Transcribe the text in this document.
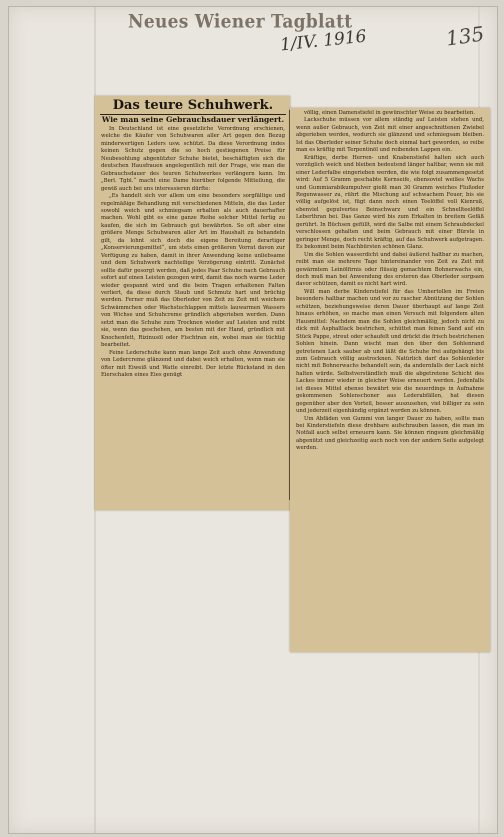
Neues Wiener Tagblatt
1/IV. 1916	135
Das teure Schuhwerk.
Wie man seine Gebrauchsdauer verlängert.

In Deutschland ist eine gesetzliche Verordnung erschienen, welche die Käufer von Schuhwaren aller Art gegen den Bezug minderwertigen Leders usw. schützt. Da diese Verordnung indes keinen Schutz gegen die so hoch gestiegenen Preise für Neubesohlung abgenützter Schuhe bietet, beschäftigten sich die deutschen Hausfrauen angelegentlich mit der Frage, wie man die Gebrauchsdauer des teuren Schuhwerkes verlängern kann. Im „Berl. Tgbl.“ macht eine Dame hierüber folgende Mitteilung, die gewiß auch bei uns interessieren dürfte:

„Es handelt sich vor allem um eine besonders sorgfältige und regelmäßige Behandlung mit verschiedenen Mitteln, die das Leder sowohl weich und schmiegsam erhalten als auch dauerhafter machen. Wohl gibt es eine ganze Reihe solcher Mittel fertig zu kaufen, die sich im Gebrauch gut bewährten. So oft aber eine größere Menge Schuhwaren aller Art im Haushalt zu behandeln gilt, da lohnt sich doch die eigene Bereitung derartiger „Konservierungsmittel“, um stets einen größeren Vorrat davon zur Verfügung zu haben, damit in ihrer Anwendung keine unliebsame und dem Schuhwerk nachteilige Verzögerung eintritt. Zunächst sollte dafür gesorgt werden, daß jedes Paar Schuhe nach Gebrauch sofort auf einen Leisten gezogen wird, damit das noch warme Leder wieder gespannt wird und die beim Tragen erhaltenen Falten verliert, da diese durch Staub und Schmutz hart und brüchig werden. Ferner muß das Oberleder von Zeit zu Zeit mit weichem Schwämmchen oder Wachstuchlappen mittels lauwarmen Wassers von Wichse und Schuhcreme gründlich abgerieben werden. Dann setzt man die Schuhe zum Trocknen wieder auf Leisten und reibt sie, wenn das geschehen, am besten mit der Hand, gründlich mit Knochenfett, Rizinusöl oder Fischtran ein, wobei man sie tüchtig bearbeitet.

Feine Lederschuhe kann man lange Zeit auch ohne Anwendung von Ledercreme glänzend und dabei weich erhalten, wenn man sie öfter mit Eiweiß und Watte einreibt. Der letzte Rückstand in den Eierschalen eines Eies genügt

völlig, einen Damenstiefel in gewünschter Weise zu bearbeiten.

Lackschuhe müssen vor allem ständig auf Leisten stehen und, wenn außer Gebrauch, von Zeit mit einer angeschnittenen Zwiebel abgerieben werden, wodurch sie glänzend und schmiegsam bleiben. Ist das Oberleder seiner Schuhe doch einmal hart geworden, so reibe man es kräftig mit Terpentinöl und reibenden Lappen ein.

Kräftige, derbe Herren- und Knabenstiefel halten sich auch vorzüglich weich und bleiben bedeutend länger haltbar, wenn sie mit einer Lederfalbe eingerieben werden, die wie folgt zusammengesetzt wird: Auf 5 Gramm geschabte Kernseife, ebensoviel weißes Wachs und Gummiarabikumpulver gießt man 30 Gramm weiches Flußoder Regenwasser zu, rührt die Mischung auf schwachem Feuer, bis sie völlig aufgelöst ist, fügt dann noch einen Teelöffel voll Kienruß, ebenviel gepulvertes Beinschwarz und ein Schnellteelöffel Leberthran bei. Das Ganze wird bis zum Erkalten in breitem Gefäß gerührt. In Büchsen gefüllt, wird die Salbe mit einem Schraubdeckel verschlossen gehalten und beim Gebrauch mit einer Bürste in geringer Menge, doch recht kräftig, auf das Schuhwerk aufgetragen. Es bekommt beim Nachbürsten schönen Glanz.

Um die Sohlen wasserdicht und dabei äußerst haltbar zu machen, reibt man sie mehrere Tage hintereinander von Zeit zu Zeit mit gewärmtem Leinölfirnis oder flüssig gemachtem Bohnerwachs ein, doch muß man bei Anwendung des ersteren das Oberleder sorgsam davor schützen, damit es nicht hart wird.

Will man derbe Kinderstiefel für das Umhertollen im Freien besonders haltbar machen und vor zu rascher Abnützung der Sohlen schützen, beziehungsweise deren Dauer überhaupt auf lange Zeit hinaus erhöhen, so mache man einen Versuch mit folgendem alten Hausmittel: Nachdem man die Sohlen gleichmäßig, jedoch nicht zu dick mit Asphaltlack bestrichen, schüttet man feinen Sand auf ein Stück Pappe, streut oder schaufelt und drückt die frisch bestrichenen Sohlen hinein. Dann wischt man den über den Sohlenrand getretenen Lack sauber ab und läßt die Schuhe frei aufgehängt bis zum Gebrauch völlig austrocknen. Natürlich darf das Sohlenleder nicht mit Bohnerwachs behandelt sein, da andernfalls der Lack nicht halten würde. Selbstverständlich muß die abgetretene Schicht des Lackes immer wieder in gleicher Weise erneuert werden. Jedenfalls ist dieses Mittel ebenso bewährt wie die neuerdings in Aufnahme gekommenen Sohlenschoner aus Lederabfällen, hat diesen gegenüber aber den Vorteil, besser auszusehen, viel billiger zu sein und jederzeit eigenhändig ergänzt werden zu können.

Um Abfäden von Gummi von langer Dauer zu haben, sollte man bei Kinderstiefeln diese drehbare aufschrauben lassen, die man im Notfall auch selbst erneuern kann. Sie können ringsum gleichmäßig abgenützt und gleichzeitig auch noch von der andern Seite aufgelegt werden.
